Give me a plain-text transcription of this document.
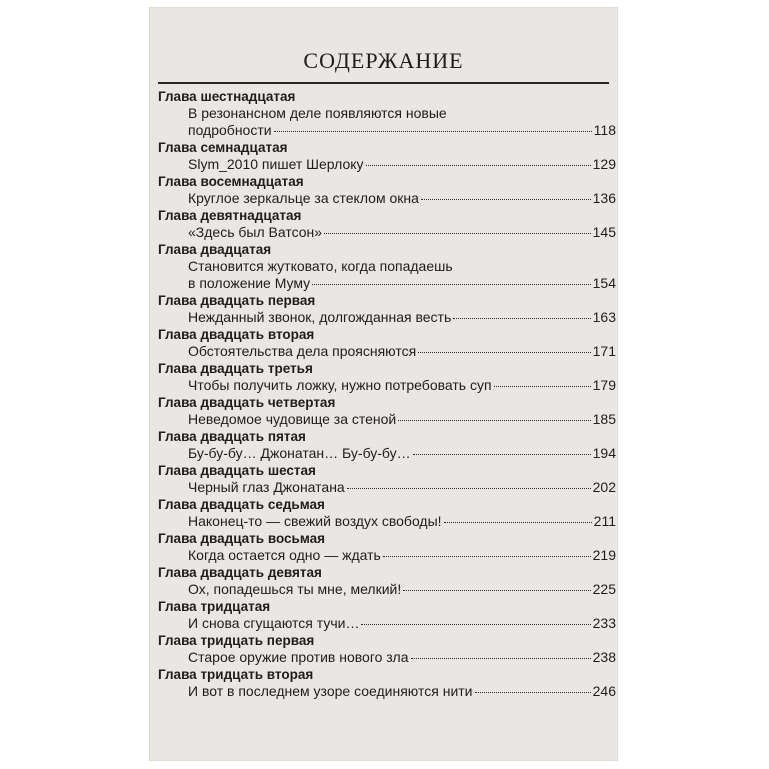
СОДЕРЖАНИЕ
Глава шестнадцатая
В резонансном деле появляются новые
подробности	118
Глава семнадцатая
Slym_2010 пишет Шерлоку	129
Глава восемнадцатая
Круглое зеркальце за стеклом окна	136
Глава девятнадцатая
«Здесь был Ватсон»	145
Глава двадцатая
Становится жутковато, когда попадаешь
в положение Муму	154
Глава двадцать первая
Нежданный звонок, долгожданная весть	163
Глава двадцать вторая
Обстоятельства дела проясняются	171
Глава двадцать третья
Чтобы получить ложку, нужно потребовать суп	179
Глава двадцать четвертая
Неведомое чудовище за стеной	185
Глава двадцать пятая
Бу-бу-бу… Джонатан… Бу-бу-бу…	194
Глава двадцать шестая
Черный глаз Джонатана	202
Глава двадцать седьмая
Наконец-то — свежий воздух свободы!	211
Глава двадцать восьмая
Когда остается одно — ждать	219
Глава двадцать девятая
Ох, попадешься ты мне, мелкий!	225
Глава тридцатая
И снова сгущаются тучи…	233
Глава тридцать первая
Старое оружие против нового зла	238
Глава тридцать вторая
И вот в последнем узоре соединяются нити	246
